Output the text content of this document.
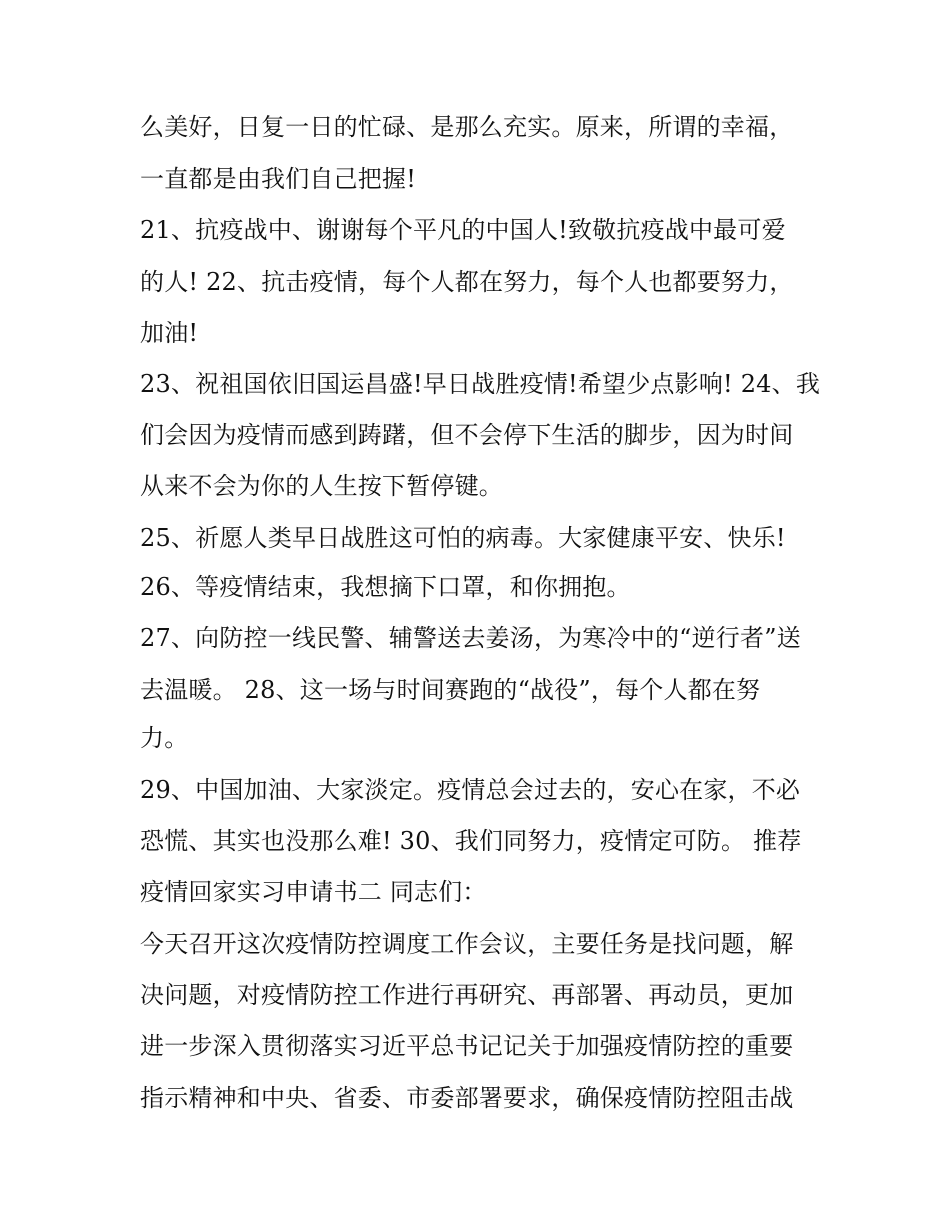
么美好，日复一日的忙碌、是那么充实。原来，所谓的幸福，
一直都是由我们自己把握!
21、抗疫战中、谢谢每个平凡的中国人!致敬抗疫战中最可爱
的人! 22、抗击疫情，每个人都在努力，每个人也都要努力，
加油!
23、祝祖国依旧国运昌盛!早日战胜疫情!希望少点影响! 24、我
们会因为疫情而感到踌躇，但不会停下生活的脚步，因为时间
从来不会为你的人生按下暂停键。
25、祈愿人类早日战胜这可怕的病毒。大家健康平安、快乐!
26、等疫情结束，我想摘下口罩，和你拥抱。
27、向防控一线民警、辅警送去姜汤，为寒冷中的“逆行者”送
去温暖。 28、这一场与时间赛跑的“战役”，每个人都在努
力。
29、中国加油、大家淡定。疫情总会过去的，安心在家，不必
恐慌、其实也没那么难! 30、我们同努力，疫情定可防。 推荐
疫情回家实习申请书二 同志们：
今天召开这次疫情防控调度工作会议，主要任务是找问题，解
决问题，对疫情防控工作进行再研究、再部署、再动员，更加
进一步深入贯彻落实习近平总书记记关于加强疫情防控的重要
指示精神和中央、省委、市委部署要求，确保疫情防控阻击战
